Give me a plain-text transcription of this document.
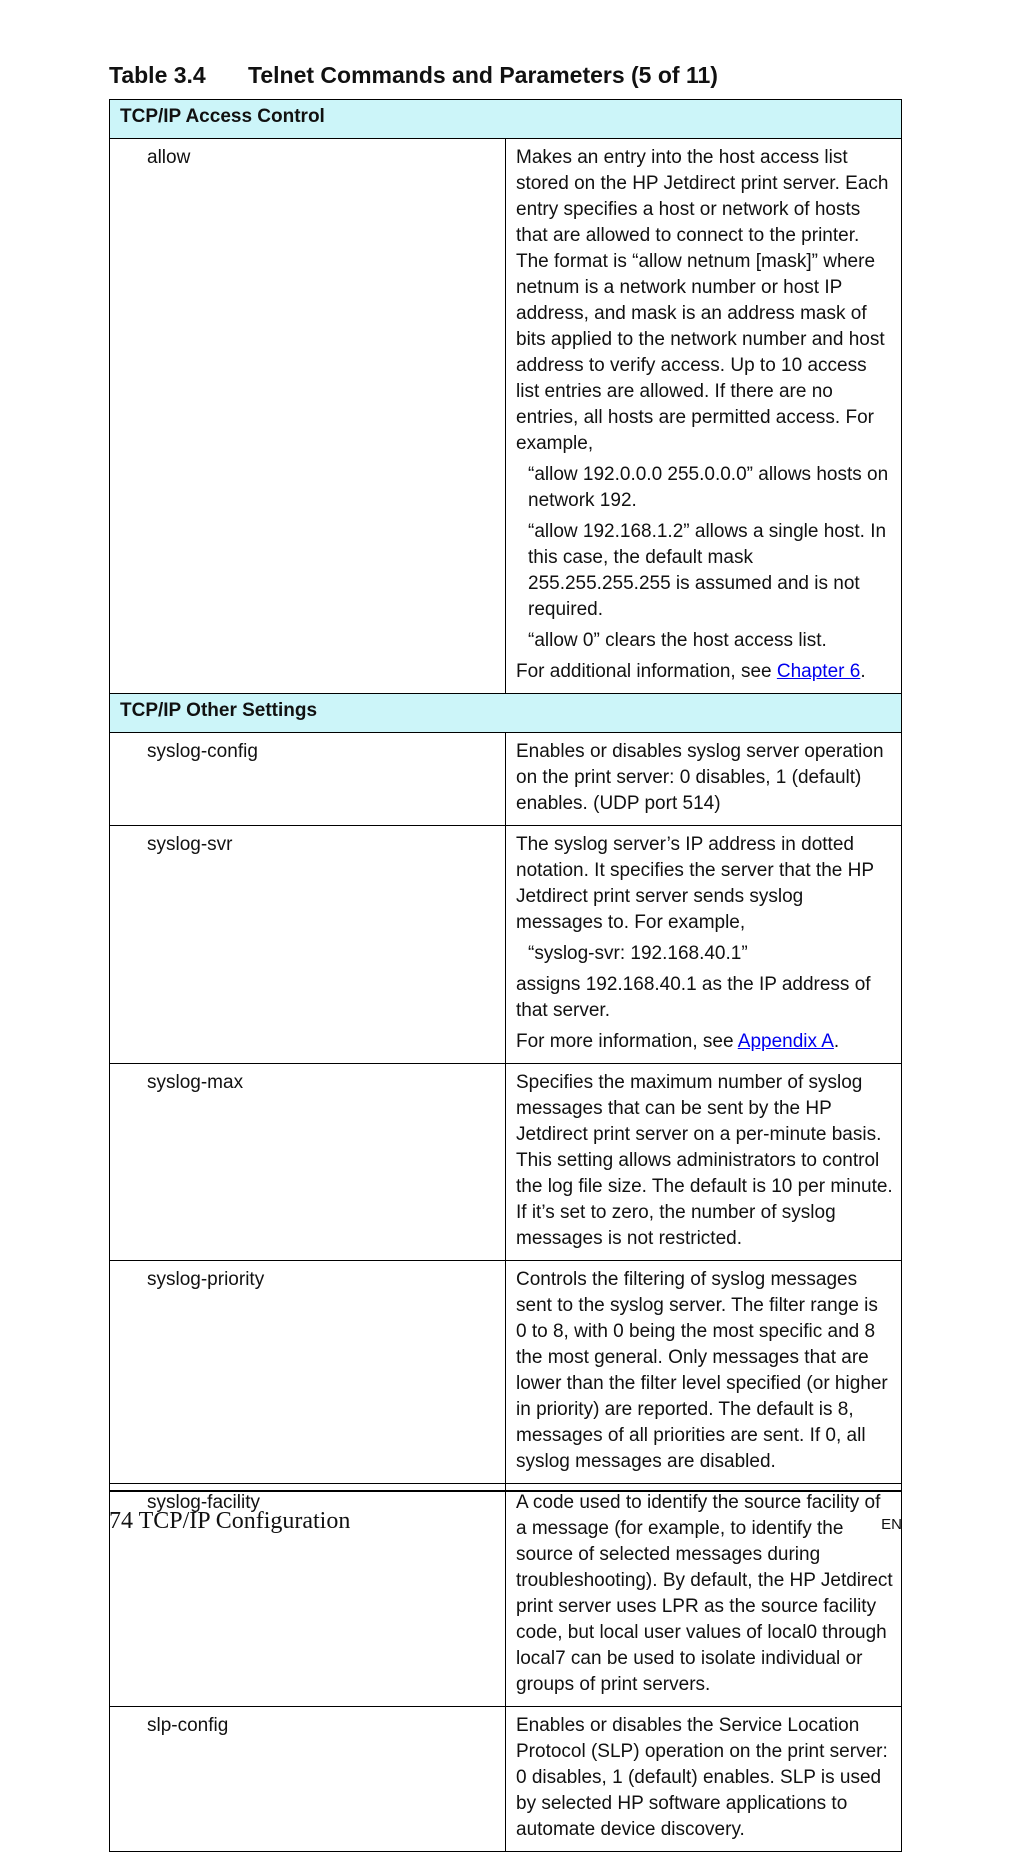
Table 3.4 Telnet Commands and Parameters (5 of 11)
TCP/IP Access Control	
allow	Makes an entry into the host access list stored on the HP Jetdirect print server. Each entry specifies a host or network of hosts that are allowed to connect to the printer. The format is “allow netnum [mask]” where netnum is a network number or host IP address, and mask is an address mask of bits applied to the network number and host address to verify access. Up to 10 access list entries are allowed. If there are no entries, all hosts are permitted access. For example,
“allow 192.0.0.0 255.0.0.0” allows hosts on network 192.
“allow 192.168.1.2” allows a single host. In this case, the default mask 255.255.255.255 is assumed and is not required.
“allow 0” clears the host access list.
For additional information, see Chapter 6.

TCP/IP Other Settings	
syslog-config	Enables or disables syslog server operation on the print server: 0 disables, 1 (default) enables. (UDP port 514)

syslog-svr	The syslog server’s IP address in dotted notation. It specifies the server that the HP Jetdirect print server sends syslog messages to. For example,
“syslog-svr: 192.168.40.1”
assigns 192.168.40.1 as the IP address of that server.
For more information, see Appendix A.

syslog-max	Specifies the maximum number of syslog messages that can be sent by the HP Jetdirect print server on a per-minute basis. This setting allows administrators to control the log file size. The default is 10 per minute. If it’s set to zero, the number of syslog messages is not restricted.

syslog-priority	Controls the filtering of syslog messages sent to the syslog server. The filter range is 0 to 8, with 0 being the most specific and 8 the most general. Only messages that are lower than the filter level specified (or higher in priority) are reported. The default is 8, messages of all priorities are sent. If 0, all syslog messages are disabled.

syslog-facility	A code used to identify the source facility of a message (for example, to identify the source of selected messages during troubleshooting). By default, the HP Jetdirect print server uses LPR as the source facility code, but local user values of local0 through local7 can be used to isolate individual or groups of print servers.

slp-config	Enables or disables the Service Location Protocol (SLP) operation on the print server: 0 disables, 1 (default) enables. SLP is used by selected HP software applications to automate device discovery.
74 TCP/IP Configuration	EN
